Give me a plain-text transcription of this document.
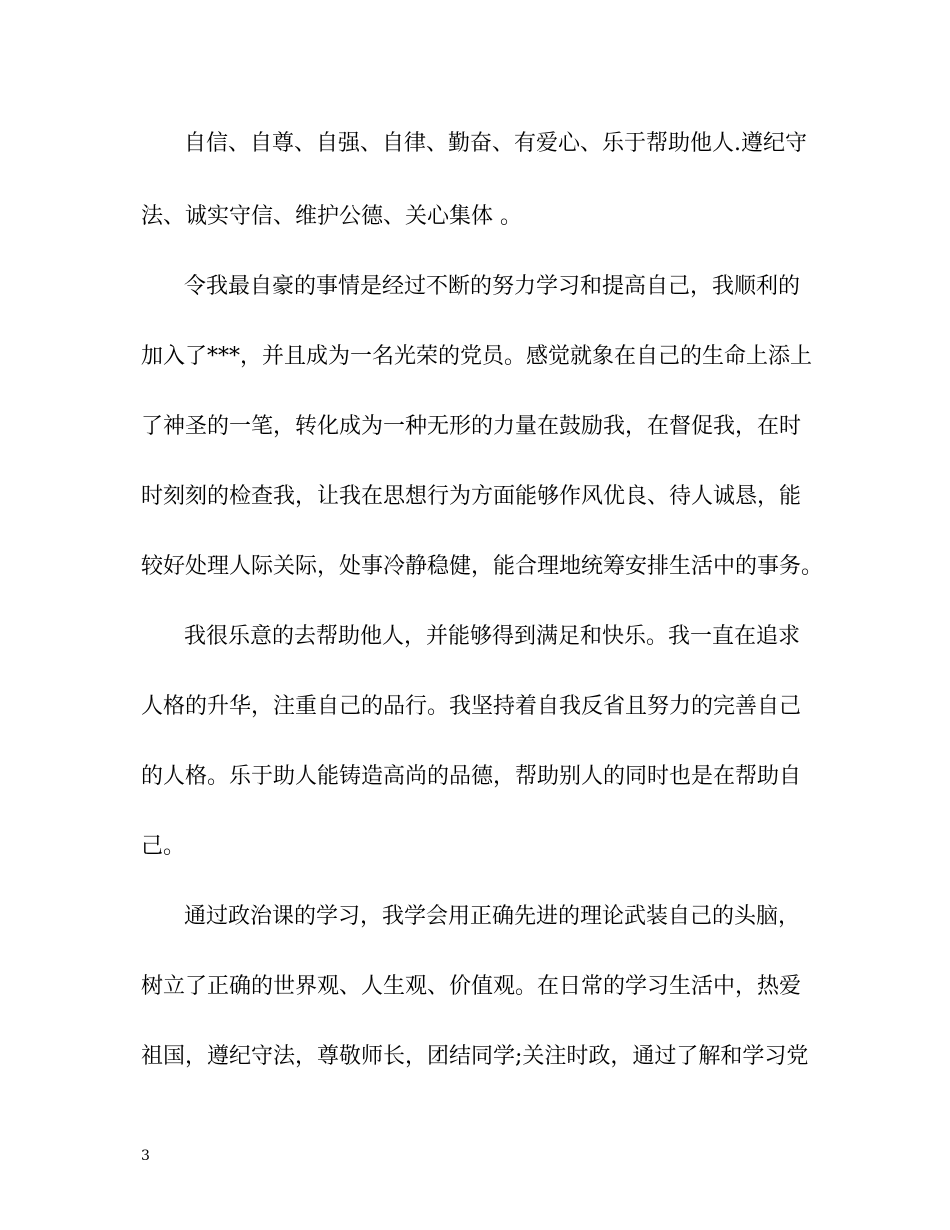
自信、自尊、自强、自律、勤奋、有爱心、乐于帮助他人.遵纪守
法、诚实守信、维护公德、关心集体 。
令我最自豪的事情是经过不断的努力学习和提高自己，我顺利的
加入了***，并且成为一名光荣的党员。感觉就象在自己的生命上添上
了神圣的一笔，转化成为一种无形的力量在鼓励我，在督促我，在时
时刻刻的检查我，让我在思想行为方面能够作风优良、待人诚恳，能
较好处理人际关际，处事冷静稳健，能合理地统筹安排生活中的事务。
我很乐意的去帮助他人，并能够得到满足和快乐。我一直在追求
人格的升华，注重自己的品行。我坚持着自我反省且努力的完善自己
的人格。乐于助人能铸造高尚的品德，帮助别人的同时也是在帮助自
己。
通过政治课的学习，我学会用正确先进的理论武装自己的头脑，
树立了正确的世界观、人生观、价值观。在日常的学习生活中，热爱
祖国，遵纪守法，尊敬师长，团结同学;关注时政，通过了解和学习党
3
